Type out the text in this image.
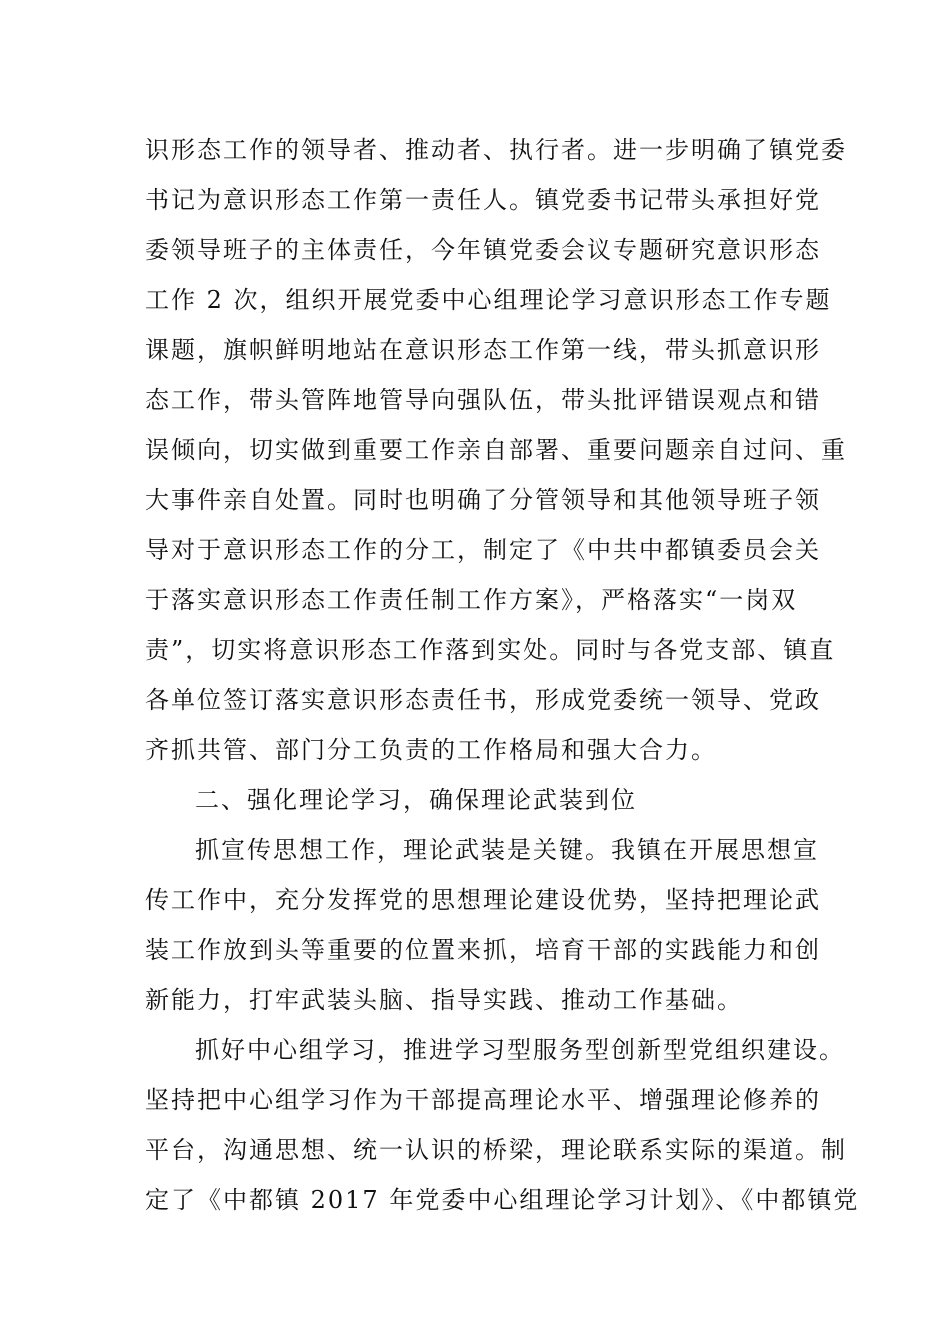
识形态工作的领导者、推动者、执行者。进一步明确了镇党委
书记为意识形态工作第一责任人。镇党委书记带头承担好党
委领导班子的主体责任，今年镇党委会议专题研究意识形态
工作 2 次，组织开展党委中心组理论学习意识形态工作专题
课题，旗帜鲜明地站在意识形态工作第一线，带头抓意识形
态工作，带头管阵地管导向强队伍，带头批评错误观点和错
误倾向，切实做到重要工作亲自部署、重要问题亲自过问、重
大事件亲自处置。同时也明确了分管领导和其他领导班子领
导对于意识形态工作的分工，制定了《中共中都镇委员会关
于落实意识形态工作责任制工作方案》，严格落实“一岗双
责”，切实将意识形态工作落到实处。同时与各党支部、镇直
各单位签订落实意识形态责任书，形成党委统一领导、党政
齐抓共管、部门分工负责的工作格局和强大合力。
二、强化理论学习，确保理论武装到位
抓宣传思想工作，理论武装是关键。我镇在开展思想宣
传工作中，充分发挥党的思想理论建设优势，坚持把理论武
装工作放到头等重要的位置来抓，培育干部的实践能力和创
新能力，打牢武装头脑、指导实践、推动工作基础。
抓好中心组学习，推进学习型服务型创新型党组织建设。
坚持把中心组学习作为干部提高理论水平、增强理论修养的
平台，沟通思想、统一认识的桥梁，理论联系实际的渠道。制
定了《中都镇 2017 年党委中心组理论学习计划》、《中都镇党
